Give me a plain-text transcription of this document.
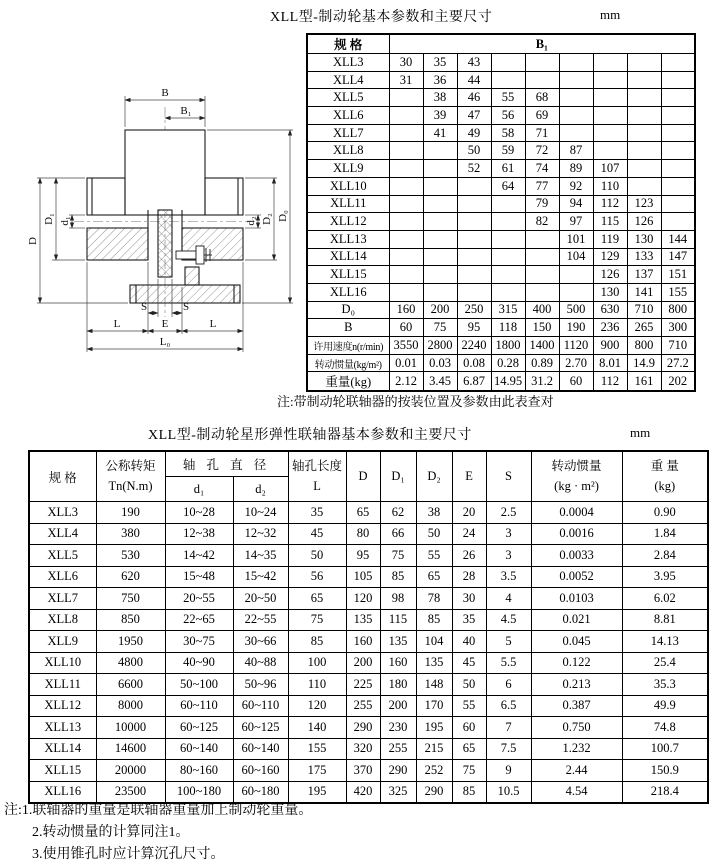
XLL型-制动轮基本参数和主要尺寸	mm
B
B₁
D
D₁ d₁	d₂ D₂ D₀
S	S
L	E	L
L₀
规 格	B₁								
XLL3	30	35	43						
XLL4	31	36	44						
XLL5		38	46	55	68				
XLL6		39	47	56	69				
XLL7		41	49	58	71				
XLL8			50	59	72	87			
XLL9			52	61	74	89	107		
XLL10				64	77	92	110		
XLL11					79	94	112	123	
XLL12					82	97	115	126	
XLL13						101	119	130	144
XLL14						104	129	133	147
XLL15							126	137	151
XLL16							130	141	155
D₀	160	200	250	315	400	500	630	710	800
B	60	75	95	118	150	190	236	265	300
许用速度n(r/min)	3550	2800	2240	1800	1400	1120	900	800	710
转动惯量(kg/m²)	0.01	0.03	0.08	0.28	0.89	2.70	8.01	14.9	27.2
重量(kg)	2.12	3.45	6.87	14.95	31.2	60	112	161	202
注:带制动轮联轴器的按装位置及参数由此表查对
XLL型-制动轮星形弹性联轴器基本参数和主要尺寸	mm
规 格	
公称转矩
Tn(N.m)
	轴 孔 直 径	轴孔长度
L
	D	D₁	D₂	E	S	
转动惯量
(kg · m²)

重 量
(kg)

		d₁	d₂								
XLL3	190	10~28	10~24	35	65	62	38	20	2.5	0.0004	0.90
XLL4	380	12~38	12~32	45	80	66	50	24	3	0.0016	1.84
XLL5	530	14~42	14~35	50	95	75	55	26	3	0.0033	2.84
XLL6	620	15~48	15~42	56	105	85	65	28	3.5	0.0052	3.95
XLL7	750	20~55	20~50	65	120	98	78	30	4	0.0103	6.02
XLL8	850	22~65	22~55	75	135	115	85	35	4.5	0.021	8.81
XLL9	1950	30~75	30~66	85	160	135	104	40	5	0.045	14.13
XLL10	4800	40~90	40~88	100	200	160	135	45	5.5	0.122	25.4
XLL11	6600	50~100	50~96	110	225	180	148	50	6	0.213	35.3
XLL12	8000	60~110	60~110	120	255	200	170	55	6.5	0.387	49.9
XLL13	10000	60~125	60~125	140	290	230	195	60	7	0.750	74.8
XLL14	14600	60~140	60~140	155	320	255	215	65	7.5	1.232	100.7
XLL15	20000	80~160	60~160	175	370	290	252	75	9	2.44	150.9
XLL16	23500	100~180	60~180	195	420	325	290	85	10.5	4.54	218.4
注:1.联轴器的重量是联轴器重量加上制动轮重量。
2.转动惯量的计算同注1。
3.使用锥孔时应计算沉孔尺寸。
